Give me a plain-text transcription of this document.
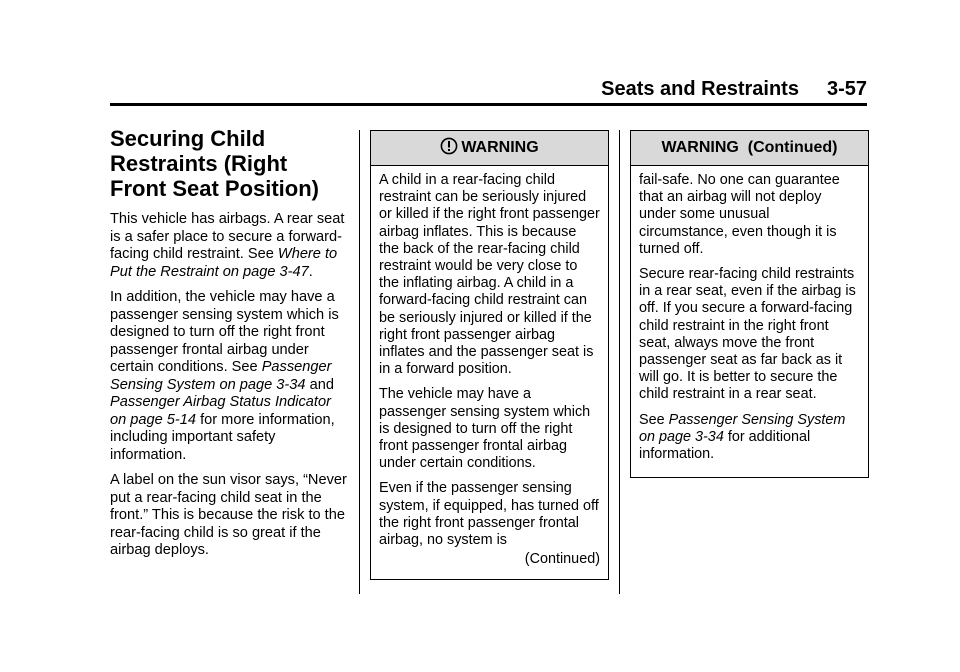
Seats and Restraints 3-57
Securing Child Restraints (Right Front Seat Position)

This vehicle has airbags. A rear seat is a safer place to secure a forward-facing child restraint. See Where to Put the Restraint on page 3-47.

In addition, the vehicle may have a passenger sensing system which is designed to turn off the right front passenger frontal airbag under certain conditions. See Passenger Sensing System on page 3-34 and Passenger Airbag Status Indicator on page 5-14 for more information, including important safety information.

A label on the sun visor says, “Never put a rear-facing child seat in the front.” This is because the risk to the rear-facing child is so great if the airbag deploys.

WARNING

A child in a rear-facing child restraint can be seriously injured or killed if the right front passenger airbag inflates. This is because the back of the rear-facing child restraint would be very close to the inflating airbag. A child in a forward-facing child restraint can be seriously injured or killed if the right front passenger airbag inflates and the passenger seat is in a forward position.

The vehicle may have a passenger sensing system which is designed to turn off the right front passenger frontal airbag under certain conditions.

Even if the passenger sensing system, if equipped, has turned off the right front passenger frontal airbag, no system is

(Continued)

WARNING  (Continued)

fail-safe. No one can guarantee that an airbag will not deploy under some unusual circumstance, even though it is turned off.

Secure rear-facing child restraints in a rear seat, even if the airbag is off. If you secure a forward-facing child restraint in the right front seat, always move the front passenger seat as far back as it will go. It is better to secure the child restraint in a rear seat.

See Passenger Sensing System on page 3-34 for additional information.
